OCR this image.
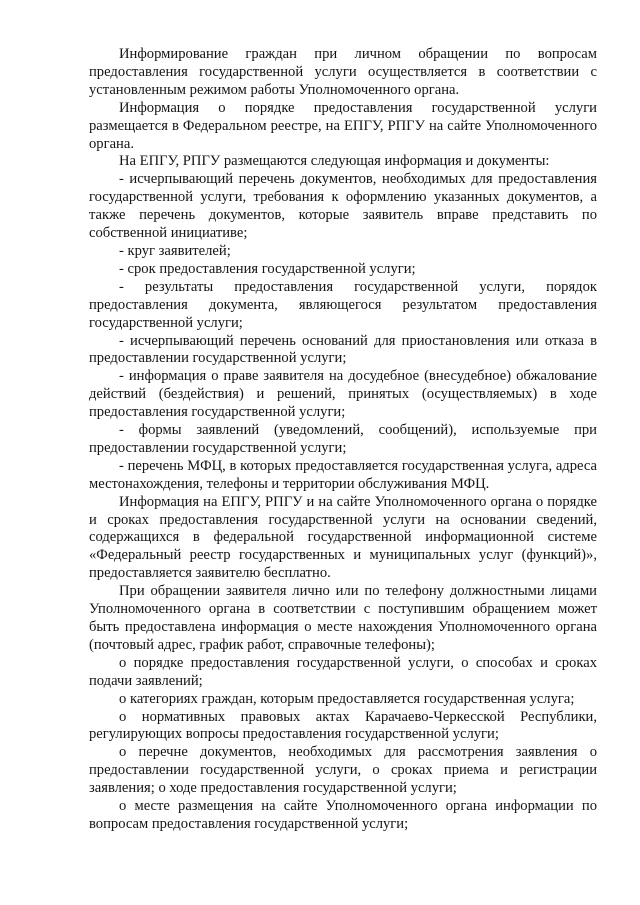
Информирование граждан при личном обращении по вопросам предоставления государственной услуги осуществляется в соответствии с установленным режимом работы Уполномоченного органа.

Информация о порядке предоставления государственной услуги размещается в Федеральном реестре, на ЕПГУ, РПГУ на сайте Уполномоченного органа.

На ЕПГУ, РПГУ размещаются следующая информация и документы:

- исчерпывающий перечень документов, необходимых для предоставления государственной услуги, требования к оформлению указанных документов, а также перечень документов, которые заявитель вправе представить по собственной инициативе;

- круг заявителей;

- срок предоставления государственной услуги;

- результаты предоставления государственной услуги, порядок предоставления документа, являющегося результатом предоставления государственной услуги;

- исчерпывающий перечень оснований для приостановления или отказа в предоставлении государственной услуги;

- информация о праве заявителя на досудебное (внесудебное) обжалование действий (бездействия) и решений, принятых (осуществляемых) в ходе предоставления государственной услуги;

- формы заявлений (уведомлений, сообщений), используемые при предоставлении государственной услуги;

- перечень МФЦ, в которых предоставляется государственная услуга, адреса местонахождения, телефоны и территории обслуживания МФЦ.

Информация на ЕПГУ, РПГУ и на сайте Уполномоченного органа о порядке и сроках предоставления государственной услуги на основании сведений, содержащихся в федеральной государственной информационной системе «Федеральный реестр государственных и муниципальных услуг (функций)», предоставляется заявителю бесплатно.

При обращении заявителя лично или по телефону должностными лицами Уполномоченного органа в соответствии с поступившим обращением может быть предоставлена информация о месте нахождения Уполномоченного органа (почтовый адрес, график работ, справочные телефоны);

о порядке предоставления государственной услуги, о способах и сроках подачи заявлений;

о категориях граждан, которым предоставляется государственная услуга;

о нормативных правовых актах Карачаево-Черкесской Республики, регулирующих вопросы предоставления государственной услуги;

о перечне документов, необходимых для рассмотрения заявления о предоставлении государственной услуги, о сроках приема и регистрации заявления; о ходе предоставления государственной услуги;

о месте размещения на сайте Уполномоченного органа информации по вопросам предоставления государственной услуги;
